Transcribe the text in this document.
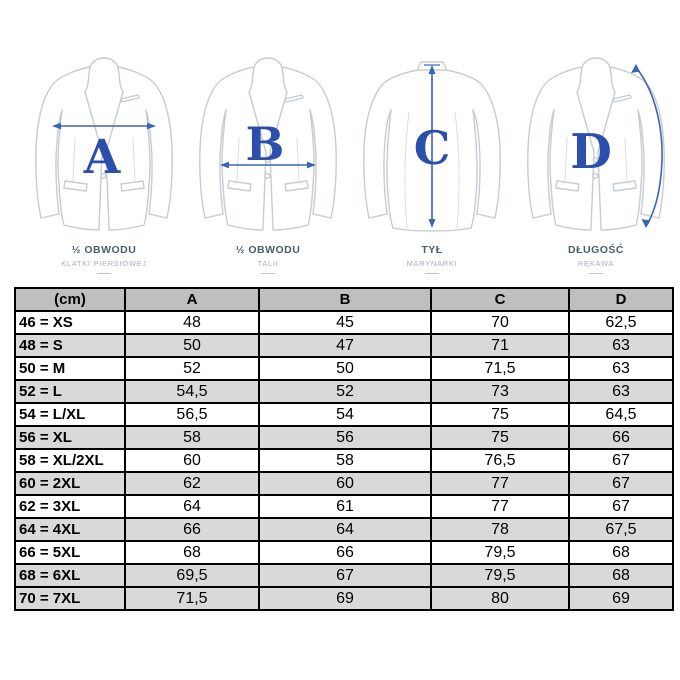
A
½ OBWODU
KLATKI PIERSIOWEJ
B
½ OBWODU
TALII
C
TYŁ
MARYNARKI
D
DŁUGOŚĆ
RĘKAWA
(cm)	A	B	C	D
46 = XS	48	45	70	62,5
48 = S	50	47	71	63
50 = M	52	50	71,5	63
52 = L	54,5	52	73	63
54 = L/XL	56,5	54	75	64,5
56 = XL	58	56	75	66
58 = XL/2XL	60	58	76,5	67
60 = 2XL	62	60	77	67
62 = 3XL	64	61	77	67
64 = 4XL	66	64	78	67,5
66 = 5XL	68	66	79,5	68
68 = 6XL	69,5	67	79,5	68
70 = 7XL	71,5	69	80	69
